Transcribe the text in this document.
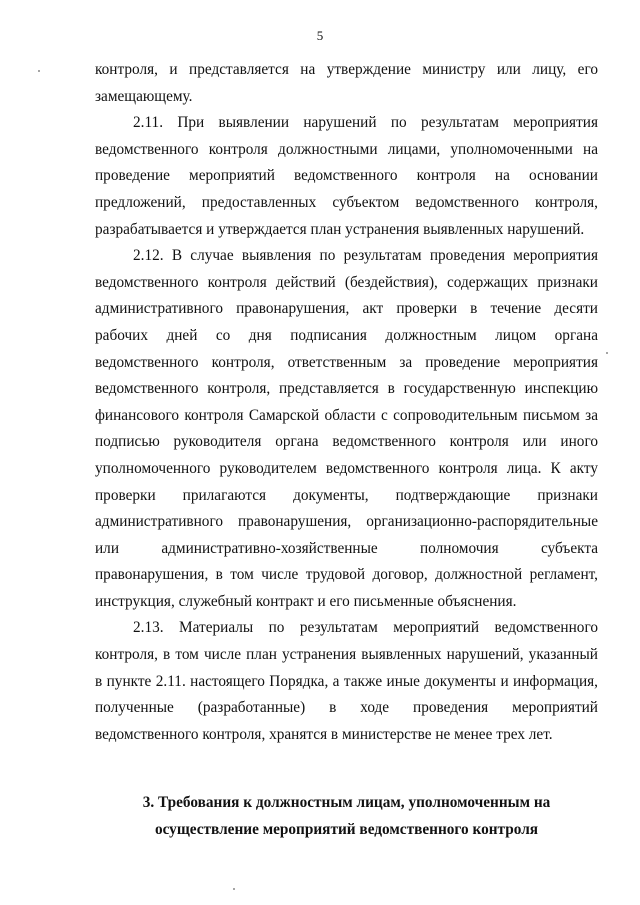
5

контроля, и представляется на утверждение министру или лицу, его замещающему.

2.11. При выявлении нарушений по результатам мероприятия ведомственного контроля должностными лицами, уполномоченными на проведение мероприятий ведомственного контроля на основании предложений, предоставленных субъектом ведомственного контроля, разрабатывается и утверждается план устранения выявленных нарушений.

2.12. В случае выявления по результатам проведения мероприятия ведомственного контроля действий (бездействия), содержащих признаки административного правонарушения, акт проверки в течение десяти рабочих дней со дня подписания должностным лицом органа ведомственного контроля, ответственным за проведение мероприятия ведомственного контроля, представляется в государственную инспекцию финансового контроля Самарской области с сопроводительным письмом за подписью руководителя органа ведомственного контроля или иного уполномоченного руководителем ведомственного контроля лица. К акту проверки прилагаются документы, подтверждающие признаки административного правонарушения, организационно-распорядительные или административно-хозяйственные полномочия субъекта правонарушения, в том числе трудовой договор, должностной регламент, инструкция, служебный контракт и его письменные объяснения.

2.13. Материалы по результатам мероприятий ведомственного контроля, в том числе план устранения выявленных нарушений, указанный в пункте 2.11. настоящего Порядка, а также иные документы и информация, полученные (разработанные) в ходе проведения мероприятий ведомственного контроля, хранятся в министерстве не менее трех лет.

3. Требования к должностным лицам, уполномоченным на
осуществление мероприятий ведомственного контроля
